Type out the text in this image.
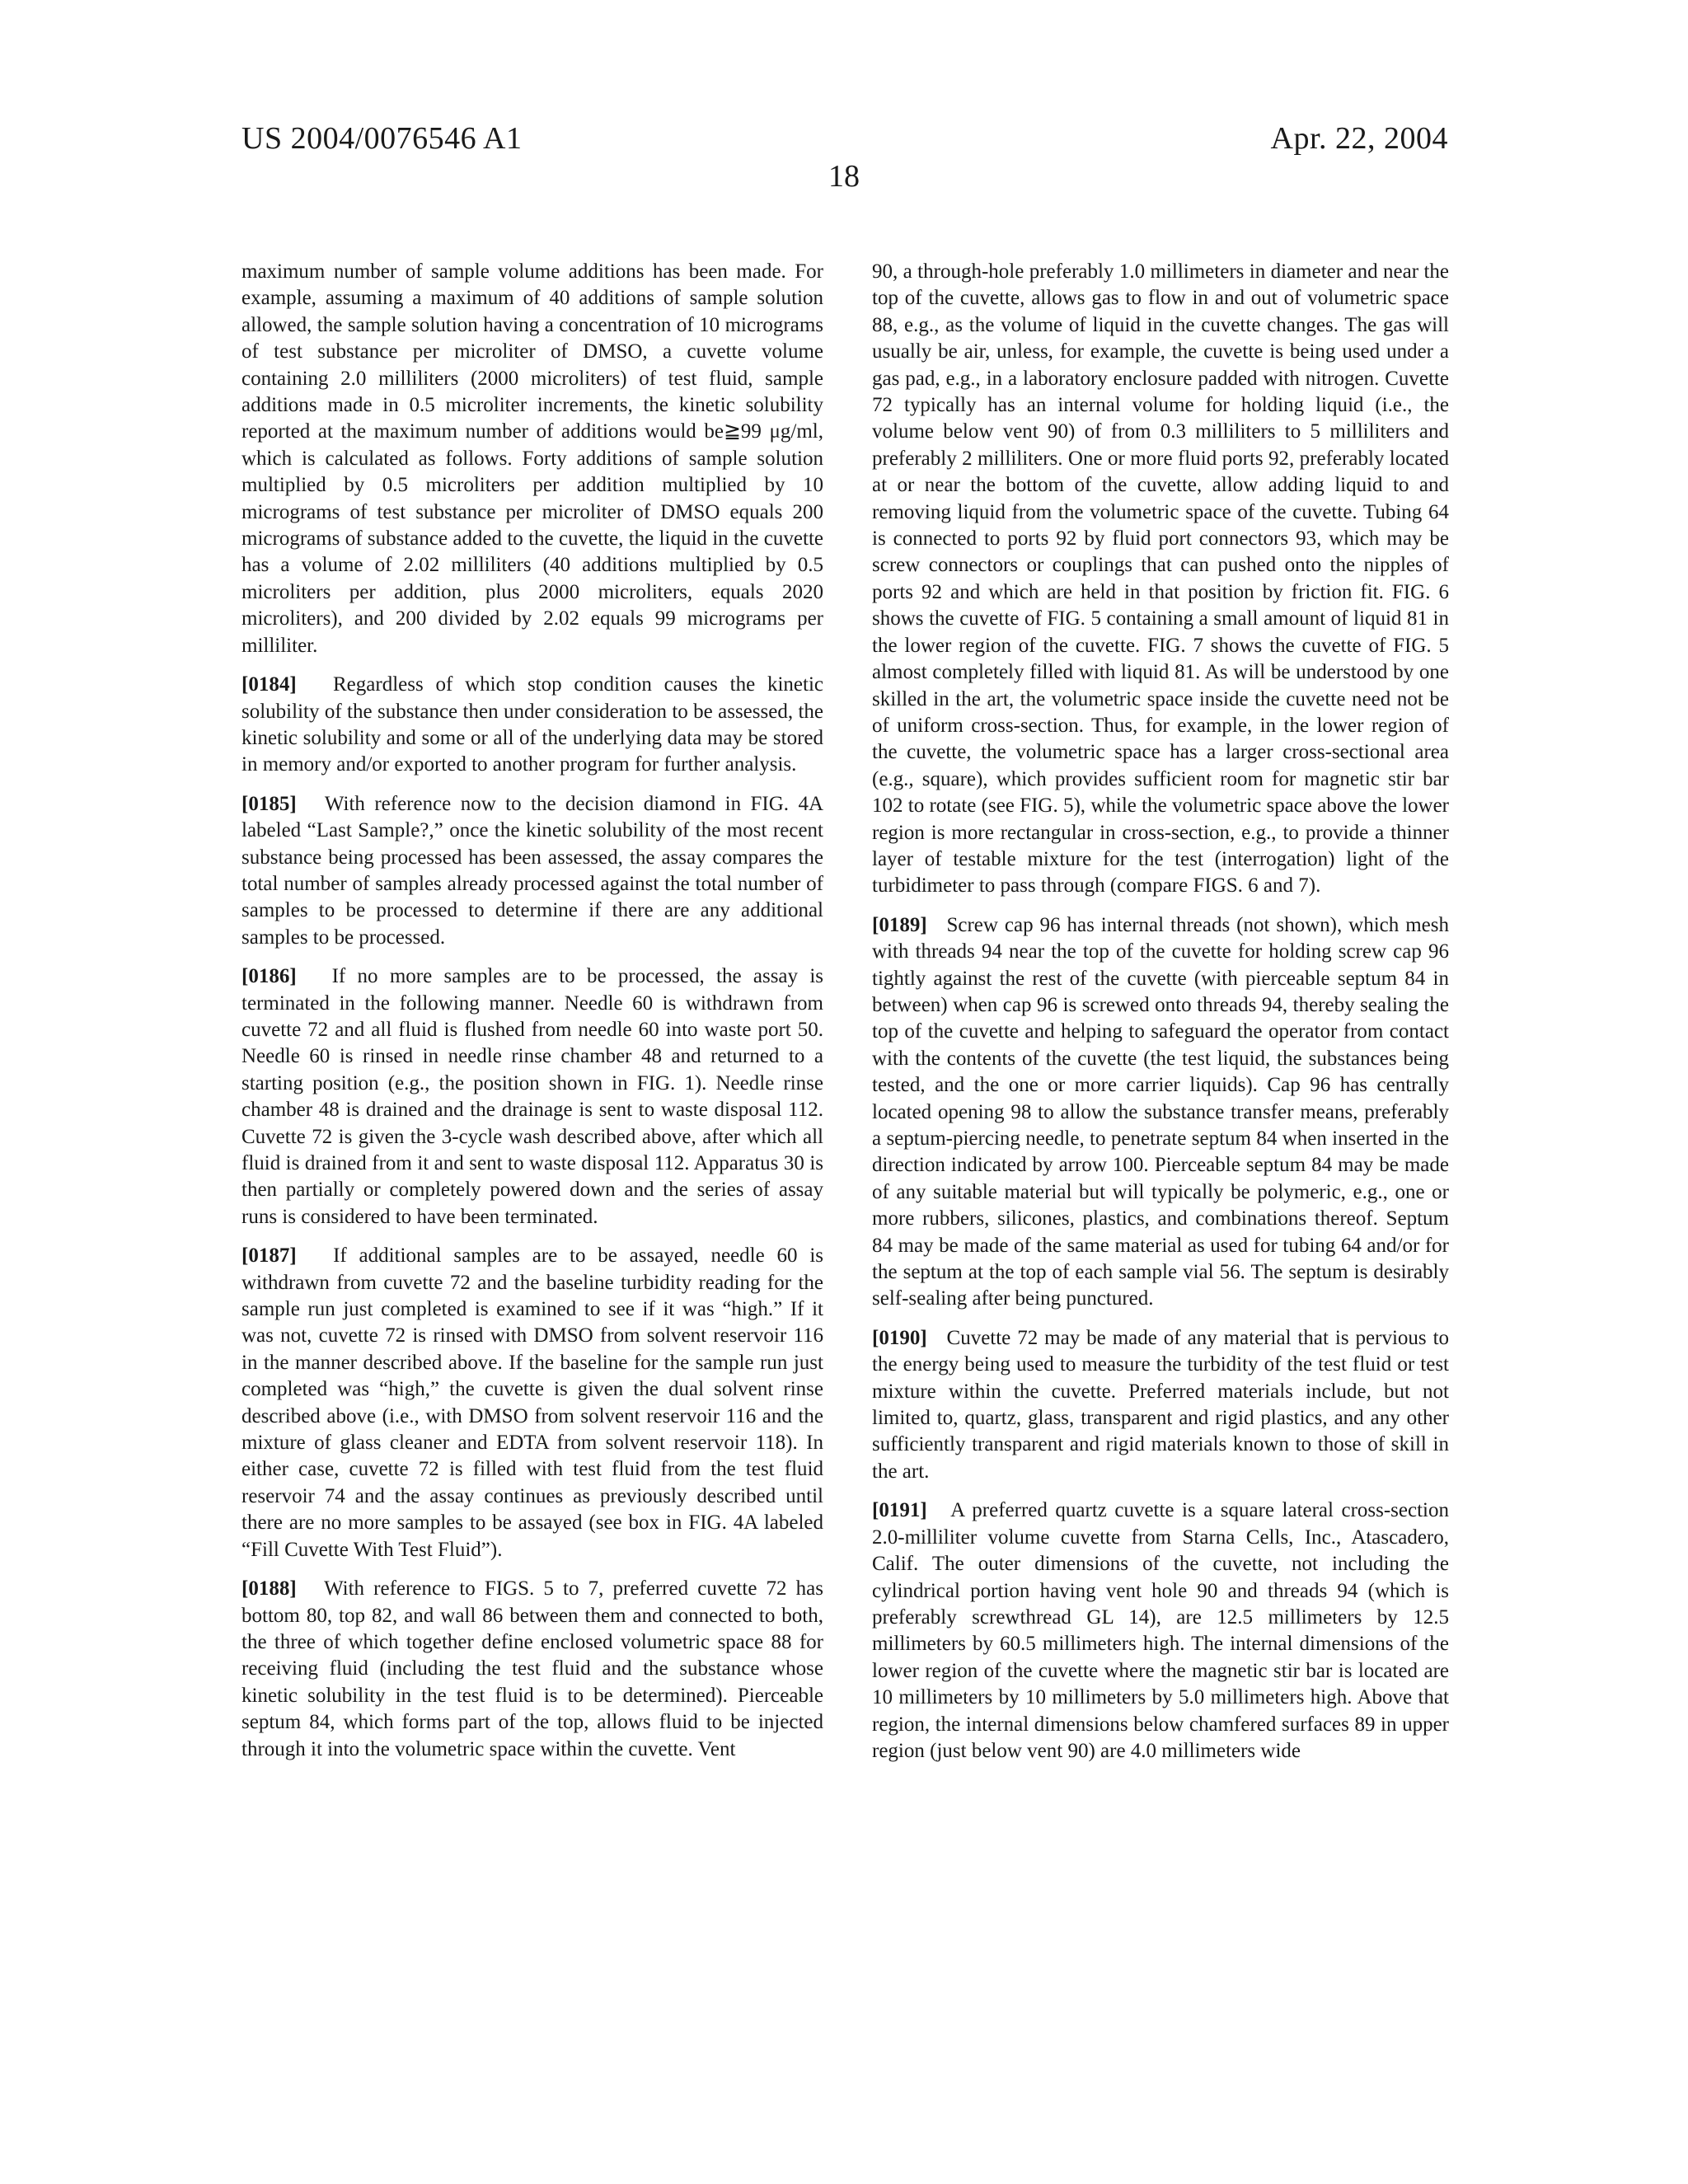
US 2004/0076546 A1	Apr. 22, 2004
18

maximum number of sample volume additions has been made. For example, assuming a maximum of 40 additions of sample solution allowed, the sample solution having a concentration of 10 micrograms of test substance per microliter of DMSO, a cuvette volume containing 2.0 milliliters (2000 microliters) of test fluid, sample additions made in 0.5 microliter increments, the kinetic solubility reported at the maximum number of additions would be≧99 μg/ml, which is calculated as follows. Forty additions of sample solution multiplied by 0.5 microliters per addition multiplied by 10 micrograms of test substance per microliter of DMSO equals 200 micrograms of substance added to the cuvette, the liquid in the cuvette has a volume of 2.02 milliliters (40 additions multiplied by 0.5 microliters per addition, plus 2000 microliters, equals 2020 microliters), and 200 divided by 2.02 equals 99 micrograms per milliliter.

[0184] Regardless of which stop condition causes the kinetic solubility of the substance then under consideration to be assessed, the kinetic solubility and some or all of the underlying data may be stored in memory and/or exported to another program for further analysis.

[0185] With reference now to the decision diamond in FIG. 4A labeled “Last Sample?,” once the kinetic solubility of the most recent substance being processed has been assessed, the assay compares the total number of samples already processed against the total number of samples to be processed to determine if there are any additional samples to be processed.

[0186] If no more samples are to be processed, the assay is terminated in the following manner. Needle 60 is withdrawn from cuvette 72 and all fluid is flushed from needle 60 into waste port 50. Needle 60 is rinsed in needle rinse chamber 48 and returned to a starting position (e.g., the position shown in FIG. 1). Needle rinse chamber 48 is drained and the drainage is sent to waste disposal 112. Cuvette 72 is given the 3-cycle wash described above, after which all fluid is drained from it and sent to waste disposal 112. Apparatus 30 is then partially or completely powered down and the series of assay runs is considered to have been terminated.

[0187] If additional samples are to be assayed, needle 60 is withdrawn from cuvette 72 and the baseline turbidity reading for the sample run just completed is examined to see if it was “high.” If it was not, cuvette 72 is rinsed with DMSO from solvent reservoir 116 in the manner described above. If the baseline for the sample run just completed was “high,” the cuvette is given the dual solvent rinse described above (i.e., with DMSO from solvent reservoir 116 and the mixture of glass cleaner and EDTA from solvent reservoir 118). In either case, cuvette 72 is filled with test fluid from the test fluid reservoir 74 and the assay continues as previously described until there are no more samples to be assayed (see box in FIG. 4A labeled “Fill Cuvette With Test Fluid”).

[0188] With reference to FIGS. 5 to 7, preferred cuvette 72 has bottom 80, top 82, and wall 86 between them and connected to both, the three of which together define enclosed volumetric space 88 for receiving fluid (including the test fluid and the substance whose kinetic solubility in the test fluid is to be determined). Pierceable septum 84, which forms part of the top, allows fluid to be injected through it into the volumetric space within the cuvette. Vent

90, a through-hole preferably 1.0 millimeters in diameter and near the top of the cuvette, allows gas to flow in and out of volumetric space 88, e.g., as the volume of liquid in the cuvette changes. The gas will usually be air, unless, for example, the cuvette is being used under a gas pad, e.g., in a laboratory enclosure padded with nitrogen. Cuvette 72 typically has an internal volume for holding liquid (i.e., the volume below vent 90) of from 0.3 milliliters to 5 milliliters and preferably 2 milliliters. One or more fluid ports 92, preferably located at or near the bottom of the cuvette, allow adding liquid to and removing liquid from the volumetric space of the cuvette. Tubing 64 is connected to ports 92 by fluid port connectors 93, which may be screw connectors or couplings that can pushed onto the nipples of ports 92 and which are held in that position by friction fit. FIG. 6 shows the cuvette of FIG. 5 containing a small amount of liquid 81 in the lower region of the cuvette. FIG. 7 shows the cuvette of FIG. 5 almost completely filled with liquid 81. As will be understood by one skilled in the art, the volumetric space inside the cuvette need not be of uniform cross-section. Thus, for example, in the lower region of the cuvette, the volumetric space has a larger cross-sectional area (e.g., square), which provides sufficient room for magnetic stir bar 102 to rotate (see FIG. 5), while the volumetric space above the lower region is more rectangular in cross-section, e.g., to provide a thinner layer of testable mixture for the test (interrogation) light of the turbidimeter to pass through (compare FIGS. 6 and 7).

[0189] Screw cap 96 has internal threads (not shown), which mesh with threads 94 near the top of the cuvette for holding screw cap 96 tightly against the rest of the cuvette (with pierceable septum 84 in between) when cap 96 is screwed onto threads 94, thereby sealing the top of the cuvette and helping to safeguard the operator from contact with the contents of the cuvette (the test liquid, the substances being tested, and the one or more carrier liquids). Cap 96 has centrally located opening 98 to allow the substance transfer means, preferably a septum-piercing needle, to penetrate septum 84 when inserted in the direction indicated by arrow 100. Pierceable septum 84 may be made of any suitable material but will typically be polymeric, e.g., one or more rubbers, silicones, plastics, and combinations thereof. Septum 84 may be made of the same material as used for tubing 64 and/or for the septum at the top of each sample vial 56. The septum is desirably self-sealing after being punctured.

[0190] Cuvette 72 may be made of any material that is pervious to the energy being used to measure the turbidity of the test fluid or test mixture within the cuvette. Preferred materials include, but not limited to, quartz, glass, transparent and rigid plastics, and any other sufficiently transparent and rigid materials known to those of skill in the art.

[0191] A preferred quartz cuvette is a square lateral cross-section 2.0-milliliter volume cuvette from Starna Cells, Inc., Atascadero, Calif. The outer dimensions of the cuvette, not including the cylindrical portion having vent hole 90 and threads 94 (which is preferably screwthread GL 14), are 12.5 millimeters by 12.5 millimeters by 60.5 millimeters high. The internal dimensions of the lower region of the cuvette where the magnetic stir bar is located are 10 millimeters by 10 millimeters by 5.0 millimeters high. Above that region, the internal dimensions below chamfered surfaces 89 in upper region (just below vent 90) are 4.0 millimeters wide
